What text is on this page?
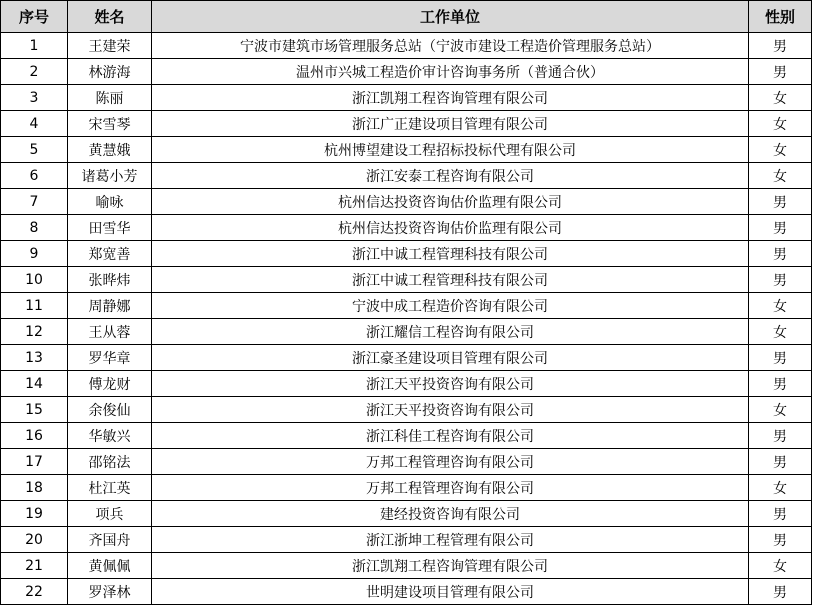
序号	姓名	工作单位	性别
1	王建荣	宁波市建筑市场管理服务总站（宁波市建设工程造价管理服务总站）	男
2	林游海	温州市兴城工程造价审计咨询事务所（普通合伙）	男
3	陈丽	浙江凯翔工程咨询管理有限公司	女
4	宋雪琴	浙江广正建设项目管理有限公司	女
5	黄慧娥	杭州博望建设工程招标投标代理有限公司	女
6	诸葛小芳	浙江安泰工程咨询有限公司	女
7	喻咏	杭州信达投资咨询估价监理有限公司	男
8	田雪华	杭州信达投资咨询估价监理有限公司	男
9	郑宽善	浙江中诚工程管理科技有限公司	男
10	张晔炜	浙江中诚工程管理科技有限公司	男
11	周静娜	宁波中成工程造价咨询有限公司	女
12	王从蓉	浙江耀信工程咨询有限公司	女
13	罗华章	浙江豪圣建设项目管理有限公司	男
14	傅龙财	浙江天平投资咨询有限公司	男
15	余俊仙	浙江天平投资咨询有限公司	女
16	华敏兴	浙江科佳工程咨询有限公司	男
17	邵铭法	万邦工程管理咨询有限公司	男
18	杜江英	万邦工程管理咨询有限公司	女
19	项兵	建经投资咨询有限公司	男
20	齐国舟	浙江浙坤工程管理有限公司	男
21	黄佩佩	浙江凯翔工程咨询管理有限公司	女
22	罗泽林	世明建设项目管理有限公司	男
